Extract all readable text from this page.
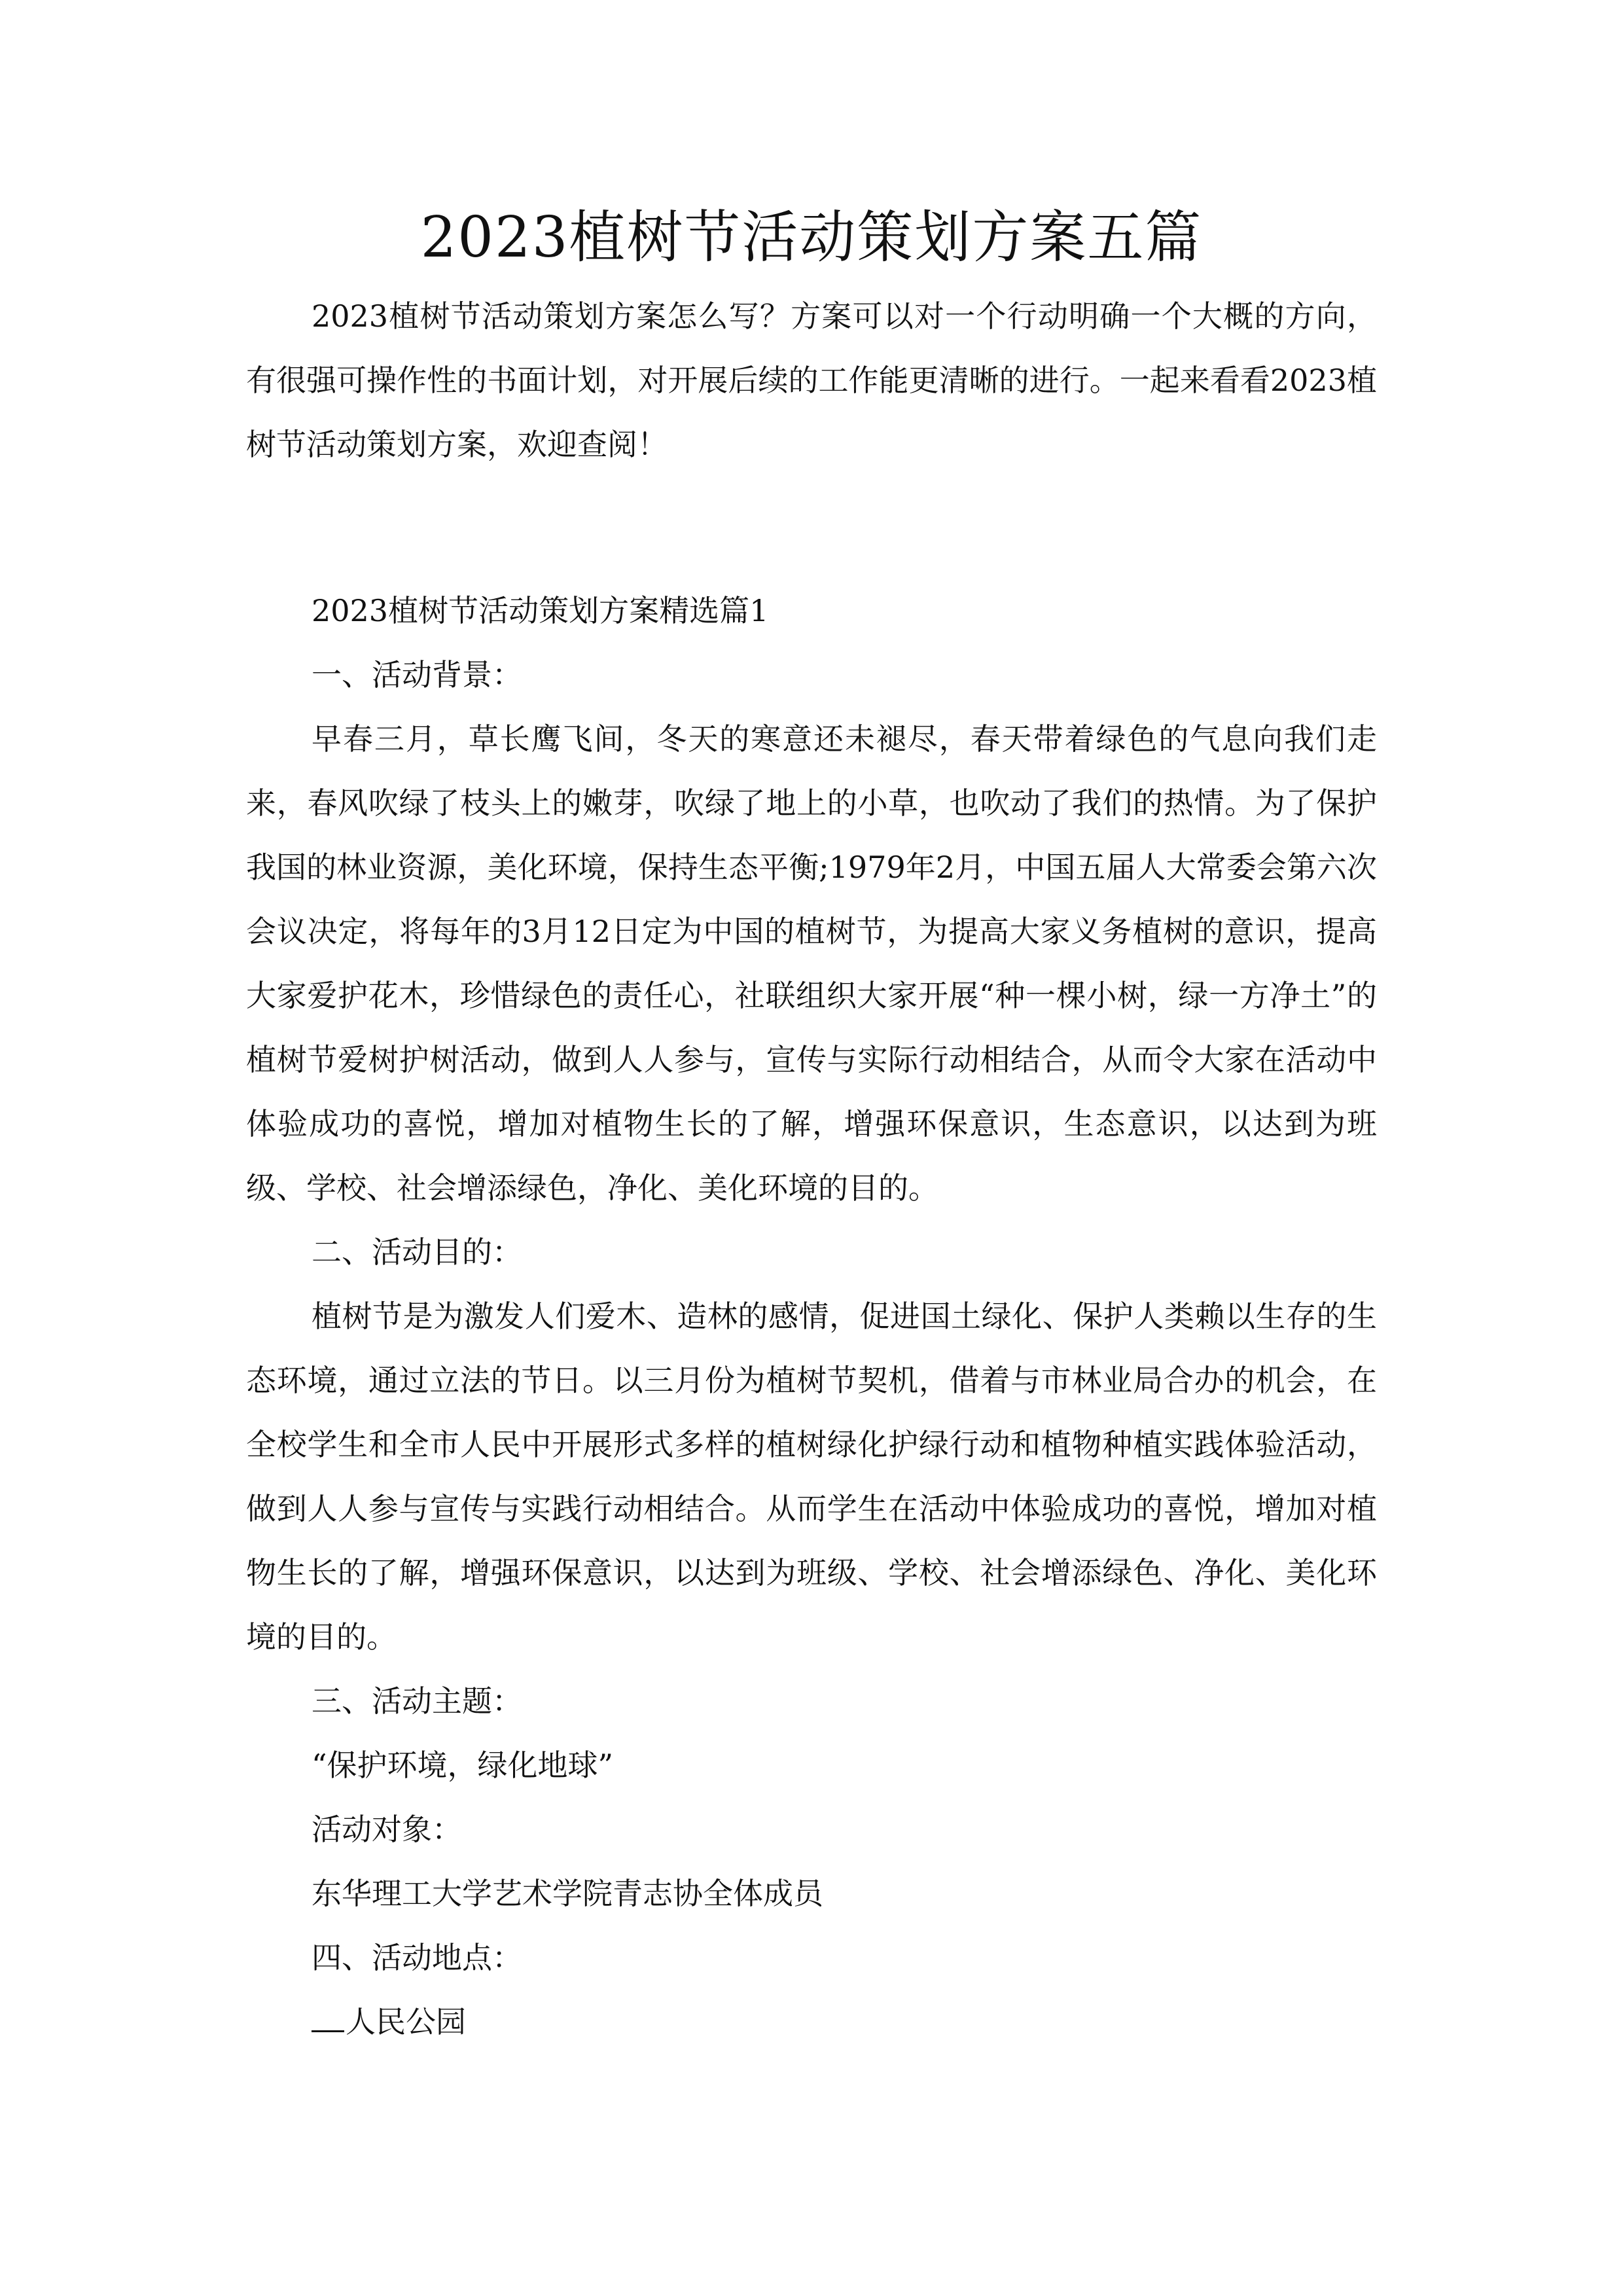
2023植树节活动策划方案五篇

2023植树节活动策划方案怎么写？方案可以对一个行动明确一个大概的方向，有很强可操作性的书面计划，对开展后续的工作能更清晰的进行。一起来看看2023植树节活动策划方案，欢迎查阅！

2023植树节活动策划方案精选篇1

一、活动背景：

早春三月，草长鹰飞间，冬天的寒意还未褪尽，春天带着绿色的气息向我们走来，春风吹绿了枝头上的嫩芽，吹绿了地上的小草，也吹动了我们的热情。为了保护我国的林业资源，美化环境，保持生态平衡;1979年2月，中国五届人大常委会第六次会议决定，将每年的3月12日定为中国的植树节，为提高大家义务植树的意识，提高大家爱护花木，珍惜绿色的责任心，社联组织大家开展“种一棵小树，绿一方净土”的植树节爱树护树活动，做到人人参与，宣传与实际行动相结合，从而令大家在活动中体验成功的喜悦，增加对植物生长的了解，增强环保意识，生态意识，以达到为班级、学校、社会增添绿色，净化、美化环境的目的。

二、活动目的：

植树节是为激发人们爱木、造林的感情，促进国土绿化、保护人类赖以生存的生态环境，通过立法的节日。以三月份为植树节契机，借着与市林业局合办的机会，在全校学生和全市人民中开展形式多样的植树绿化护绿行动和植物种植实践体验活动，做到人人参与宣传与实践行动相结合。从而学生在活动中体验成功的喜悦，增加对植物生长的了解，增强环保意识，以达到为班级、学校、社会增添绿色、净化、美化环境的目的。

三、活动主题：

“保护环境，绿化地球”

活动对象：

东华理工大学艺术学院青志协全体成员

四、活动地点：

人民公园
